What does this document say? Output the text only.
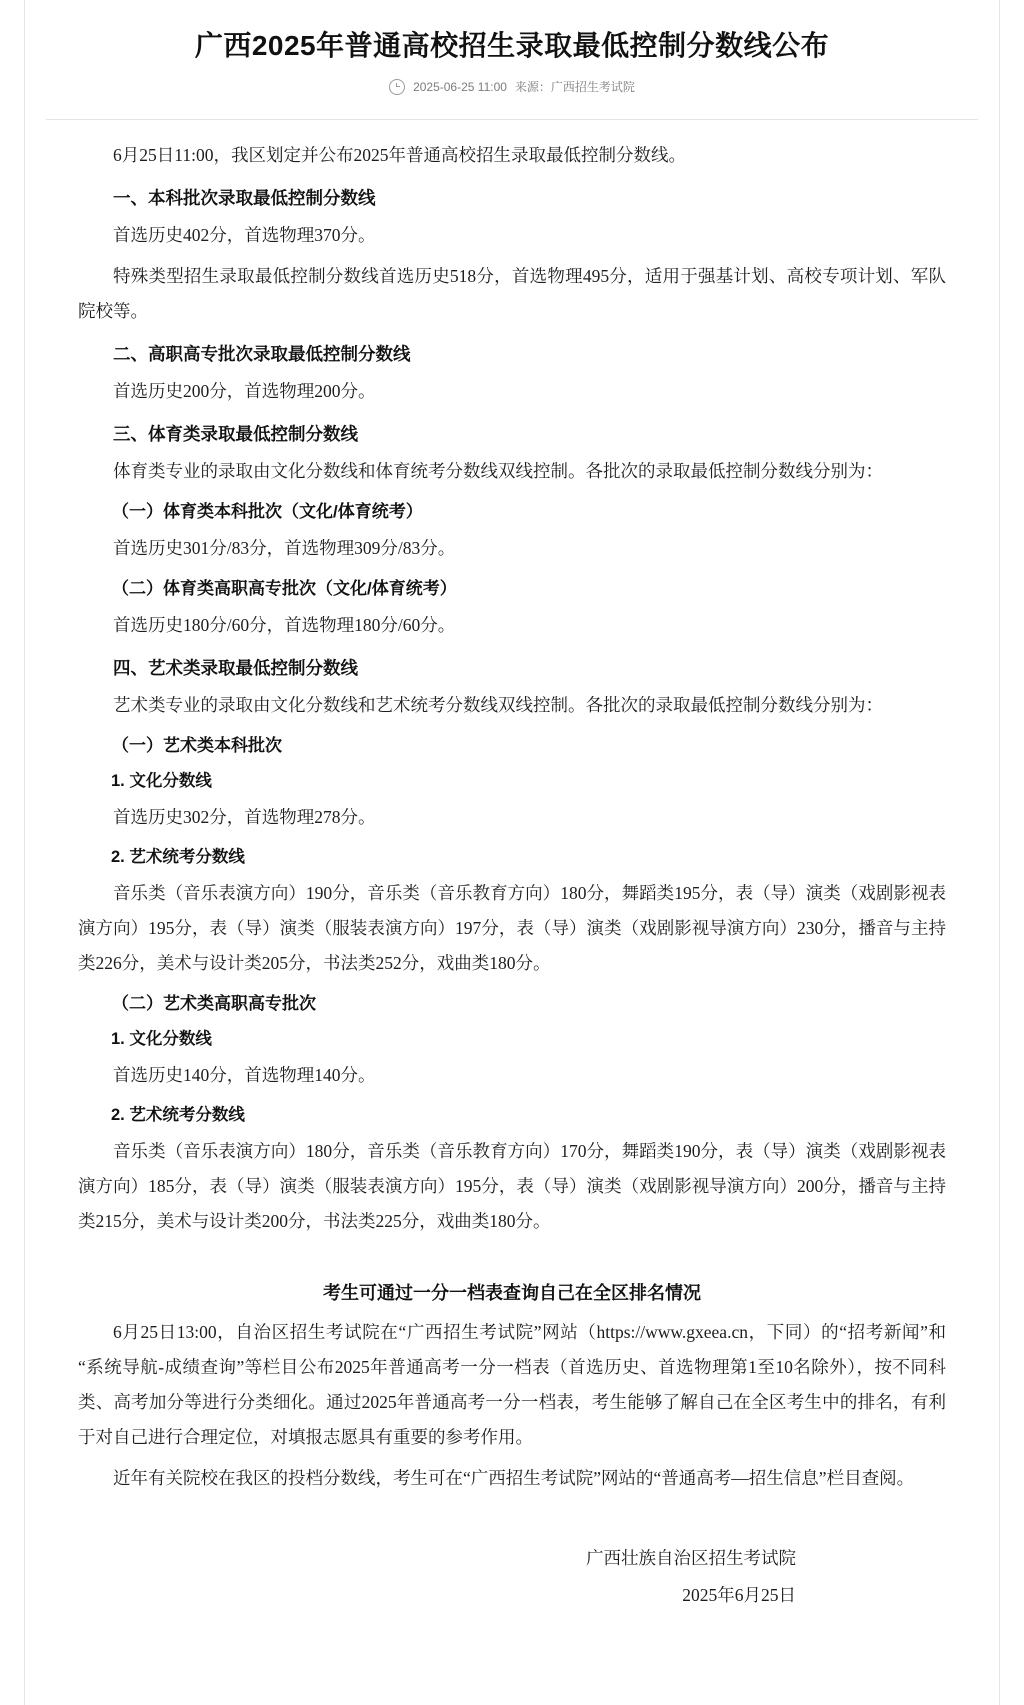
广西2025年普通高校招生录取最低控制分数线公布
2025-06-25 11:00 来源：广西招生考试院

6月25日11:00，我区划定并公布2025年普通高校招生录取最低控制分数线。

一、本科批次录取最低控制分数线

首选历史402分，首选物理370分。

特殊类型招生录取最低控制分数线首选历史518分，首选物理495分，适用于强基计划、高校专项计划、军队院校等。

二、高职高专批次录取最低控制分数线

首选历史200分，首选物理200分。

三、体育类录取最低控制分数线

体育类专业的录取由文化分数线和体育统考分数线双线控制。各批次的录取最低控制分数线分别为：

（一）体育类本科批次（文化/体育统考）

首选历史301分/83分，首选物理309分/83分。

（二）体育类高职高专批次（文化/体育统考）

首选历史180分/60分，首选物理180分/60分。

四、艺术类录取最低控制分数线

艺术类专业的录取由文化分数线和艺术统考分数线双线控制。各批次的录取最低控制分数线分别为：

（一）艺术类本科批次
1. 文化分数线

首选历史302分，首选物理278分。

2. 艺术统考分数线

音乐类（音乐表演方向）190分，音乐类（音乐教育方向）180分，舞蹈类195分，表（导）演类（戏剧影视表演方向）195分，表（导）演类（服装表演方向）197分，表（导）演类（戏剧影视导演方向）230分，播音与主持类226分，美术与设计类205分，书法类252分，戏曲类180分。

（二）艺术类高职高专批次
1. 文化分数线

首选历史140分，首选物理140分。

2. 艺术统考分数线

音乐类（音乐表演方向）180分，音乐类（音乐教育方向）170分，舞蹈类190分，表（导）演类（戏剧影视表演方向）185分，表（导）演类（服装表演方向）195分，表（导）演类（戏剧影视导演方向）200分，播音与主持类215分，美术与设计类200分，书法类225分，戏曲类180分。

考生可通过一分一档表查询自己在全区排名情况

6月25日13:00，自治区招生考试院在“广西招生考试院”网站（https://www.gxeea.cn，下同）的“招考新闻”和“系统导航-成绩查询”等栏目公布2025年普通高考一分一档表（首选历史、首选物理第1至10名除外），按不同科类、高考加分等进行分类细化。通过2025年普通高考一分一档表，考生能够了解自己在全区考生中的排名，有利于对自己进行合理定位，对填报志愿具有重要的参考作用。

近年有关院校在我区的投档分数线，考生可在“广西招生考试院”网站的“普通高考—招生信息”栏目查阅。

广西壮族自治区招生考试院
2025年6月25日
